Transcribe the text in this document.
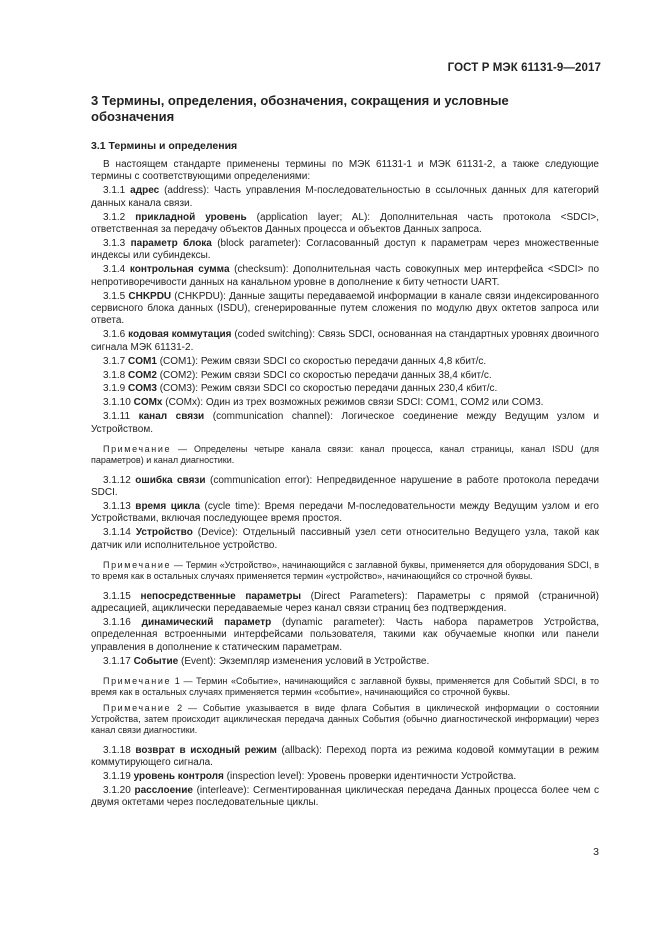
ГОСТ Р МЭК 61131-9—2017
3 Термины, определения, обозначения, сокращения и условные обозначения
3.1 Термины и определения

В настоящем стандарте применены термины по МЭК 61131-1 и МЭК 61131-2, а также следующие термины с соответствующими определениями:

3.1.1 адрес (address): Часть управления М-последовательностью в ссылочных данных для категорий данных канала связи.

3.1.2 прикладной уровень (application layer; AL): Дополнительная часть протокола <SDCI>, ответственная за передачу объектов Данных процесса и объектов Данных запроса.

3.1.3 параметр блока (block parameter): Согласованный доступ к параметрам через множественные индексы или субиндексы.

3.1.4 контрольная сумма (checksum): Дополнительная часть совокупных мер интерфейса <SDCI> по непротиворечивости данных на канальном уровне в дополнение к биту четности UART.

3.1.5 CHKPDU (CHKPDU): Данные защиты передаваемой информации в канале связи индексированного сервисного блока данных (ISDU), сгенерированные путем сложения по модулю двух октетов запроса или ответа.

3.1.6 кодовая коммутация (coded switching): Связь SDCI, основанная на стандартных уровнях двоичного сигнала МЭК 61131-2.

3.1.7 COM1 (COM1): Режим связи SDCI со скоростью передачи данных 4,8 кбит/с.

3.1.8 COM2 (COM2): Режим связи SDCI со скоростью передачи данных 38,4 кбит/с.

3.1.9 COM3 (COM3): Режим связи SDCI со скоростью передачи данных 230,4 кбит/с.

3.1.10 COMx (COMx): Один из трех возможных режимов связи SDCI: COM1, COM2 или COM3.

3.1.11 канал связи (communication channel): Логическое соединение между Ведущим узлом и Устройством.

Примечание — Определены четыре канала связи: канал процесса, канал страницы, канал ISDU (для параметров) и канал диагностики.

3.1.12 ошибка связи (communication error): Непредвиденное нарушение в работе протокола передачи SDCI.

3.1.13 время цикла (cycle time): Время передачи М-последовательности между Ведущим узлом и его Устройствами, включая последующее время простоя.

3.1.14 Устройство (Device): Отдельный пассивный узел сети относительно Ведущего узла, такой как датчик или исполнительное устройство.

Примечание — Термин «Устройство», начинающийся с заглавной буквы, применяется для оборудования SDCI, в то время как в остальных случаях применяется термин «устройство», начинающийся со строчной буквы.

3.1.15 непосредственные параметры (Direct Parameters): Параметры с прямой (страничной) адресацией, ациклически передаваемые через канал связи страниц без подтверждения.

3.1.16 динамический параметр (dynamic parameter): Часть набора параметров Устройства, определенная встроенными интерфейсами пользователя, такими как обучаемые кнопки или панели управления в дополнение к статическим параметрам.

3.1.17 Событие (Event): Экземпляр изменения условий в Устройстве.

Примечание 1 — Термин «Событие», начинающийся с заглавной буквы, применяется для Событий SDCI, в то время как в остальных случаях применяется термин «событие», начинающийся со строчной буквы.

Примечание 2 — Событие указывается в виде флага События в циклической информации о состоянии Устройства, затем происходит ациклическая передача данных События (обычно диагностической информации) через канал связи диагностики.

3.1.18 возврат в исходный режим (allback): Переход порта из режима кодовой коммутации в режим коммутирующего сигнала.

3.1.19 уровень контроля (inspection level): Уровень проверки идентичности Устройства.

3.1.20 расслоение (interleave): Сегментированная циклическая передача Данных процесса более чем с двумя октетами через последовательные циклы.

3
